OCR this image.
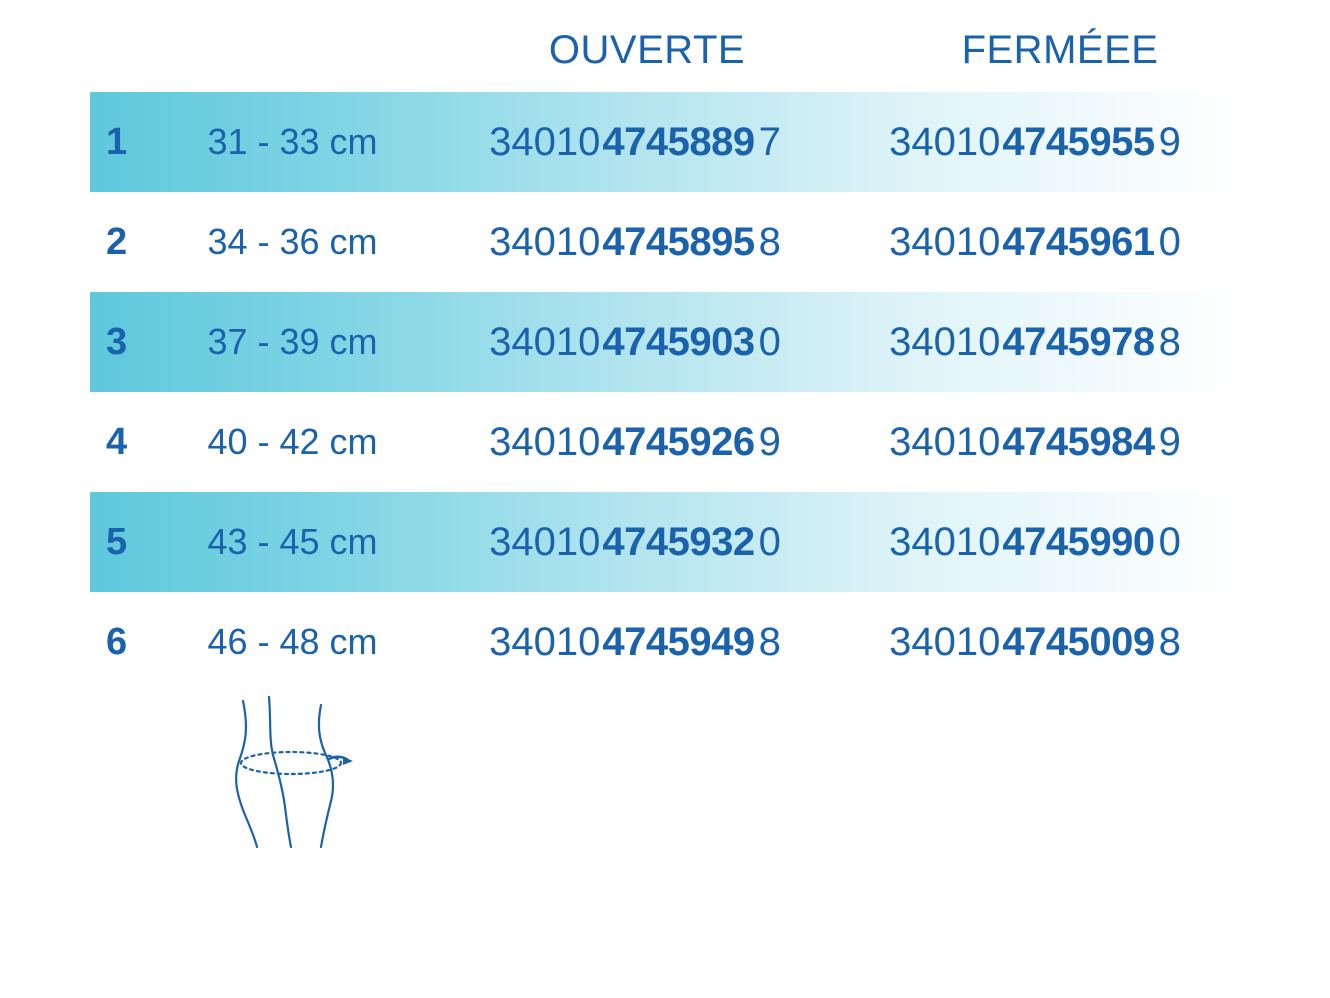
OUVERTE	FERMÉEE
1	31 - 33 cm	340104745889 7	340104745955 9
2	34 - 36 cm	340104745895 8	340104745961 0
3	37 - 39 cm	340104745903 0	340104745978 8
4	40 - 42 cm	340104745926 9	340104745984 9
5	43 - 45 cm	340104745932 0	340104745990 0
6	46 - 48 cm	340104745949 8	340104745009 8
